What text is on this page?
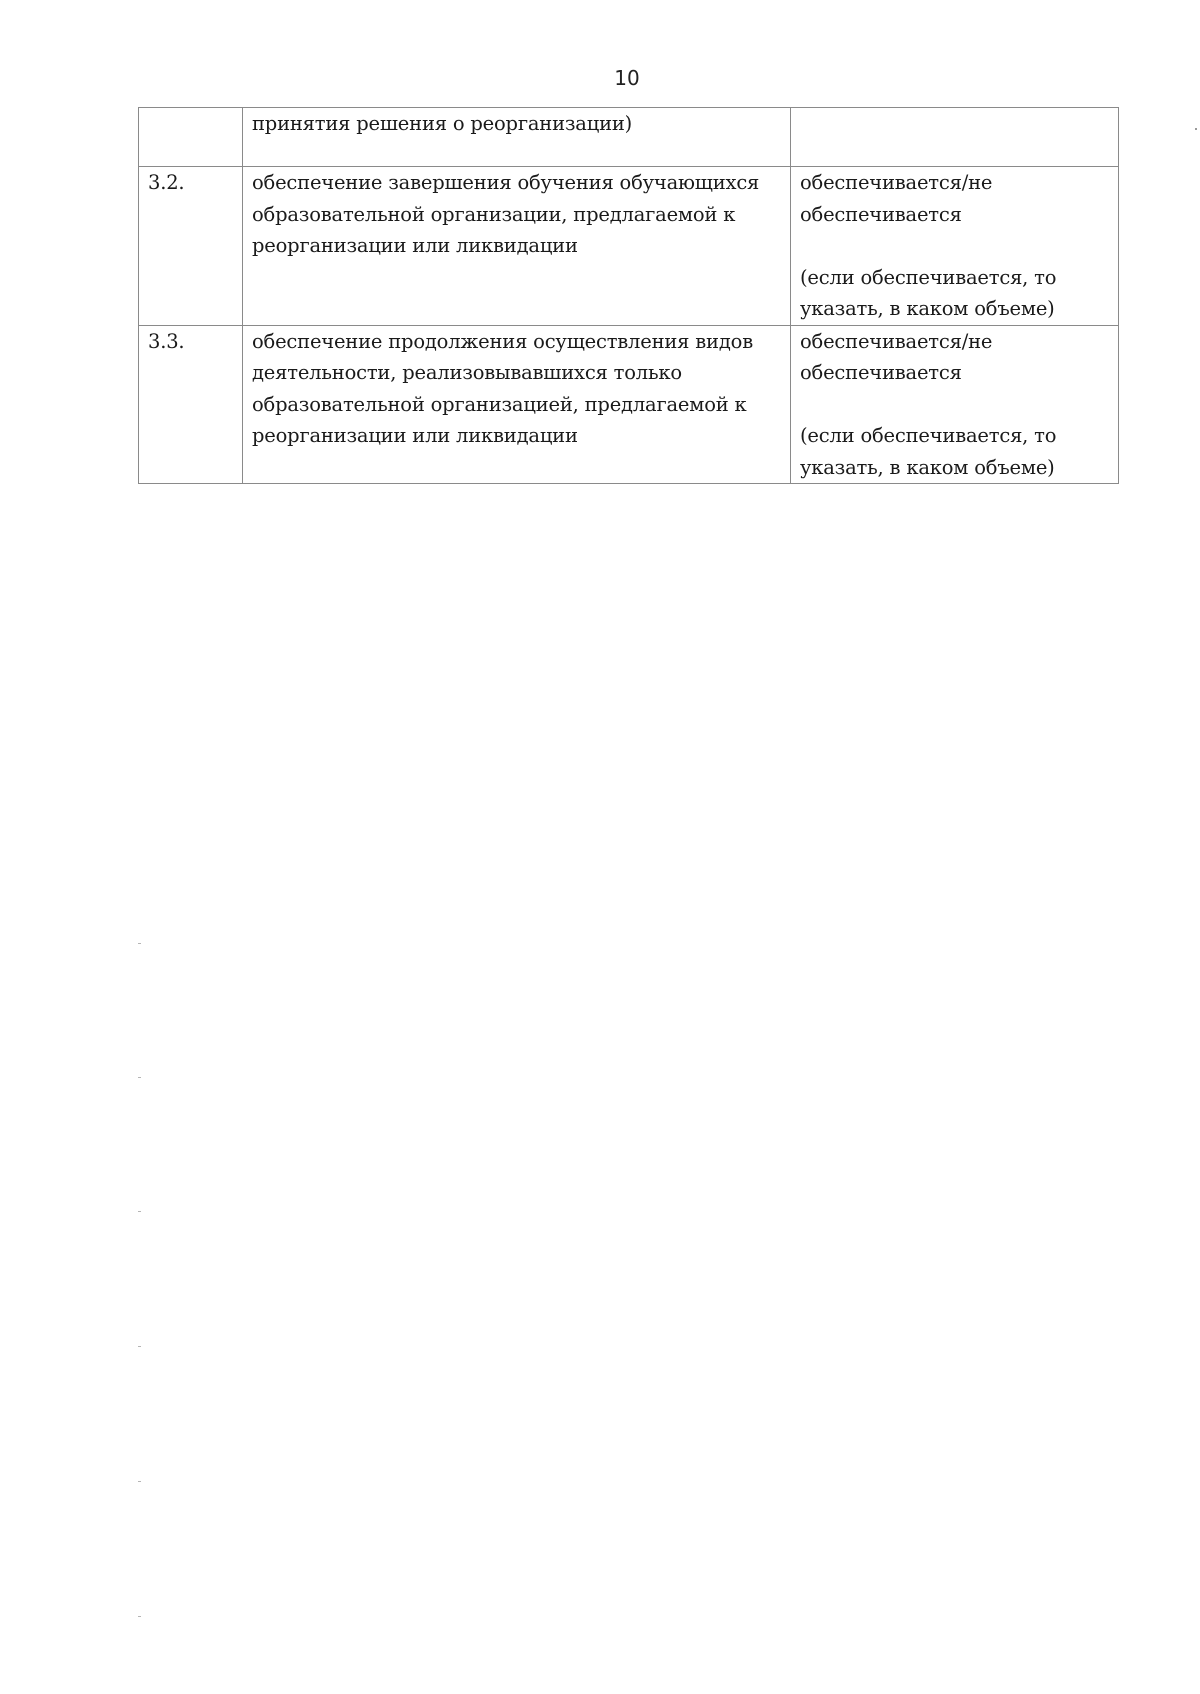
10

	принятия решения о реорганизации)	

3.2.	обеспечение завершения обучения обучающихся
образовательной организации, предлагаемой к
реорганизации или ликвидации	обеспечивается/не
обеспечивается
(если обеспечивается, то
указать, в каком объеме)

3.3.	обеспечение продолжения осуществления видов
деятельности, реализовывавшихся только
образовательной организацией, предлагаемой к
реорганизации или ликвидации	обеспечивается/не
обеспечивается
(если обеспечивается, то
указать, в каком объеме)
